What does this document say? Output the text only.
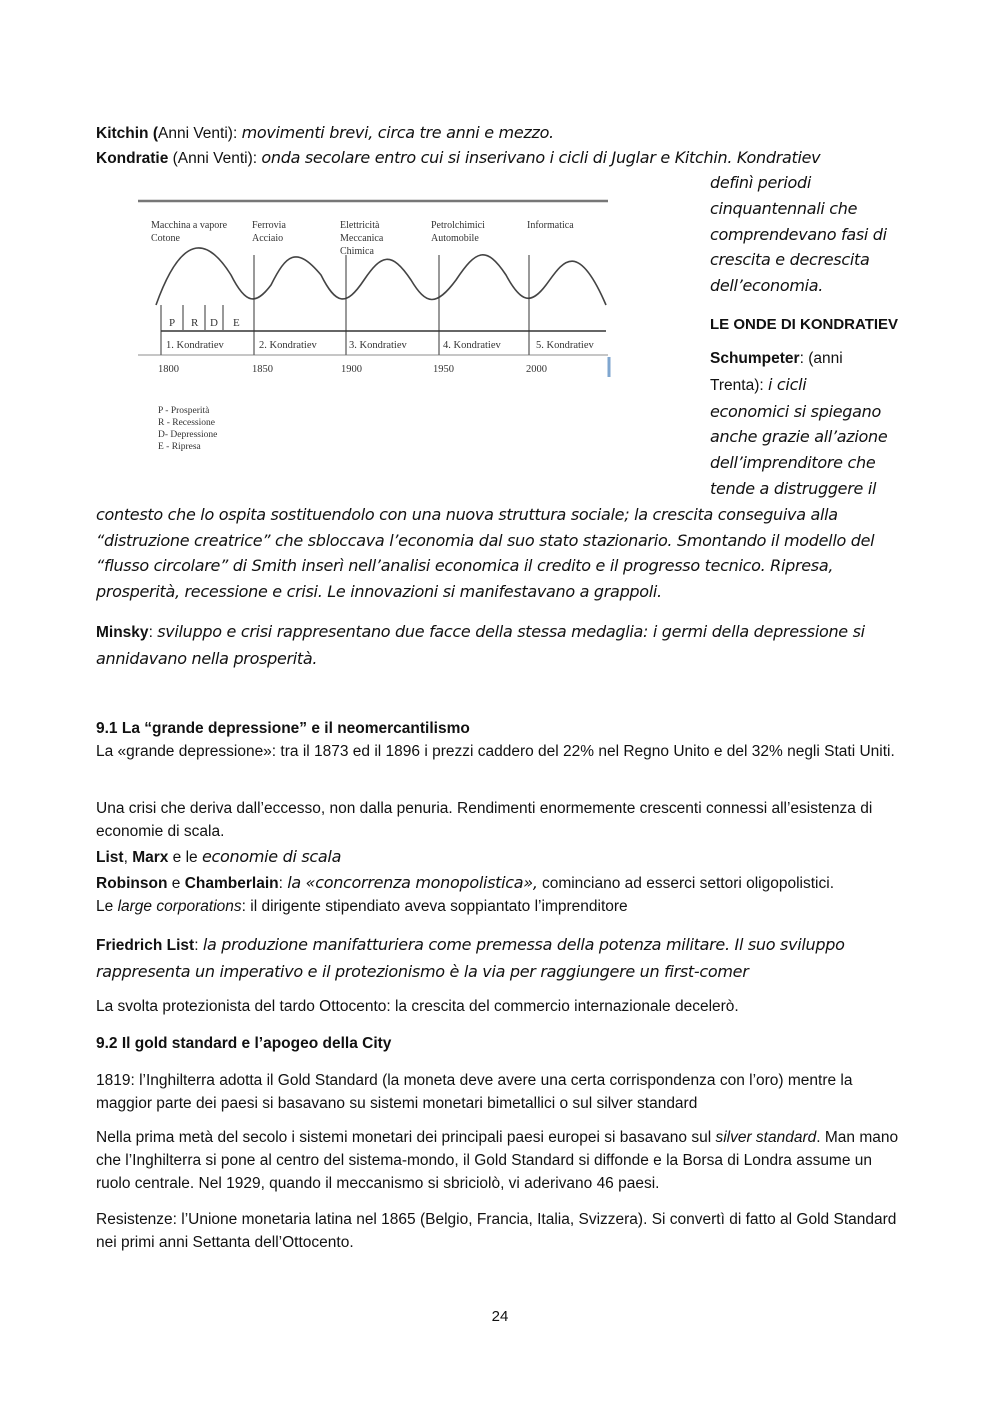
Kitchin (Anni Venti): movimenti brevi, circa tre anni e mezzo.
Kondratie (Anni Venti): onda secolare entro cui si inserivano i cicli di Juglar e Kitchin. Kondratiev
definì periodi
cinquantennali che
comprendevano fasi di
crescita e decrescita
dell’economia.
LE ONDE DI KONDRATIEV
Schumpeter: (anni
Trenta): i cicli
economici si spiegano
anche grazie all’azione
dell’imprenditore che
tende a distruggere il
Macchina a vapore
Cotone
Ferrovia
Acciaio
Elettricità
Meccanica
Chimica
Petrolchimici
Automobile
Informatica
P R D E
1. Kondratiev	2. Kondratiev	3. Kondratiev	4. Kondratiev	5. Kondratiev
1800	1850	1900	1950	2000
P - Prosperità
R - Recessione
D- Depressione
E - Ripresa
contesto che lo ospita sostituendolo con una nuova struttura sociale; la crescita conseguiva alla “distruzione creatrice” che sbloccava l’economia dal suo stato stazionario. Smontando il modello del “flusso circolare” di Smith inserì nell’analisi economica il credito e il progresso tecnico. Ripresa, prosperità, recessione e crisi. Le innovazioni si manifestavano a grappoli.
Minsky: sviluppo e crisi rappresentano due facce della stessa medaglia: i germi della depressione si annidavano nella prosperità.
9.1 La “grande depressione” e il neomercantilismo
La «grande depressione»: tra il 1873 ed il 1896 i prezzi caddero del 22% nel Regno Unito e del 32% negli Stati Uniti.
Una crisi che deriva dall’eccesso, non dalla penuria. Rendimenti enormemente crescenti connessi all’esistenza di economie di scala.
List, Marx e le economie di scala
Robinson e Chamberlain: la «concorrenza monopolistica», cominciano ad esserci settori oligopolistici.
Le large corporations: il dirigente stipendiato aveva soppiantato l’imprenditore
Friedrich List: la produzione manifatturiera come premessa della potenza militare. Il suo sviluppo rappresenta un imperativo e il protezionismo è la via per raggiungere un first-comer
La svolta protezionista del tardo Ottocento: la crescita del commercio internazionale decelerò.
9.2 Il gold standard e l’apogeo della City
1819: l’Inghilterra adotta il Gold Standard (la moneta deve avere una certa corrispondenza con l’oro) mentre la maggior parte dei paesi si basavano su sistemi monetari bimetallici o sul silver standard
Nella prima metà del secolo i sistemi monetari dei principali paesi europei si basavano sul silver standard. Man mano che l’Inghilterra si pone al centro del sistema-mondo, il Gold Standard si diffonde e la Borsa di Londra assume un ruolo centrale. Nel 1929, quando il meccanismo si sbriciolò, vi aderivano 46 paesi.
Resistenze: l’Unione monetaria latina nel 1865 (Belgio, Francia, Italia, Svizzera). Si convertì di fatto al Gold Standard nei primi anni Settanta dell’Ottocento.
24
